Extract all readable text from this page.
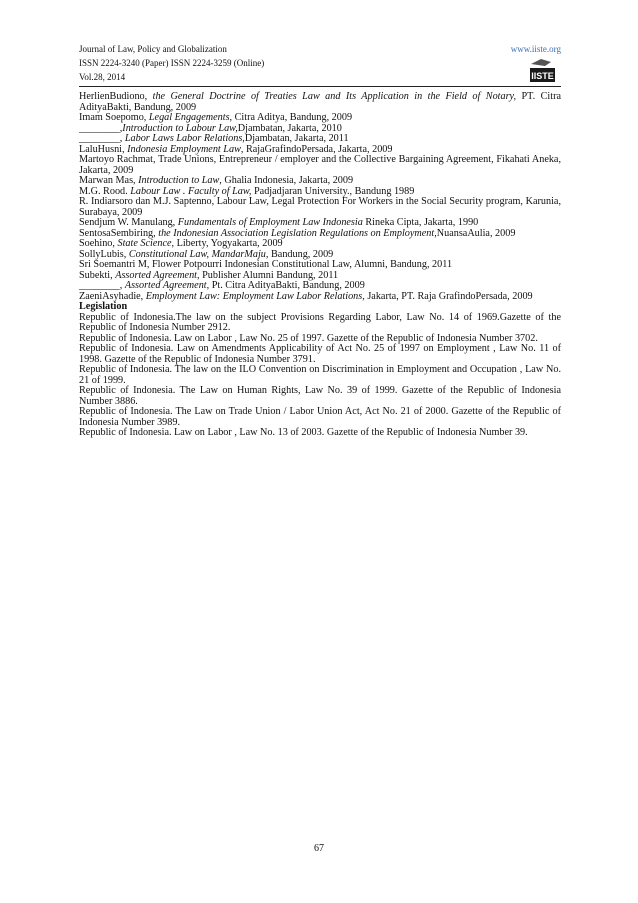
Journal of Law, Policy and Globalization
ISSN 2224-3240 (Paper) ISSN 2224-3259 (Online)
Vol.28, 2014
www.iiste.org
IISTE

HerlienBudiono, the General Doctrine of Treaties Law and Its Application in the Field of Notary, PT. Citra AdityaBakti, Bandung, 2009

Imam Soepomo, Legal Engagements, Citra Aditya, Bandung, 2009

________,Introduction to Labour Law,Djambatan, Jakarta, 2010

________, Labor Laws Labor Relations,Djambatan, Jakarta, 2011

LaluHusni, Indonesia Employment Law, RajaGrafindoPersada, Jakarta, 2009

Martoyo Rachmat, Trade Unions, Entrepreneur / employer and the Collective Bargaining Agreement, Fikahati Aneka, Jakarta, 2009

Marwan Mas, Introduction to Law, Ghalia Indonesia, Jakarta, 2009

M.G. Rood. Labour Law . Faculty of Law, Padjadjaran University., Bandung 1989

R. Indiarsoro dan M.J. Saptenno, Labour Law, Legal Protection For Workers in the Social Security program, Karunia, Surabaya, 2009

Sendjum W. Manulang, Fundamentals of Employment Law Indonesia Rineka Cipta, Jakarta, 1990

SentosaSembiring, the Indonesian Association Legislation Regulations on Employment,NuansaAulia, 2009

Soehino, State Science, Liberty, Yogyakarta, 2009

SollyLubis, Constitutional Law, MandarMaju, Bandung, 2009

Sri Soemantri M, Flower Potpourri Indonesian Constitutional Law, Alumni, Bandung, 2011

Subekti, Assorted Agreement, Publisher Alumni Bandung, 2011

________, Assorted Agreement, Pt. Citra AdityaBakti, Bandung, 2009

ZaeniAsyhadie, Employment Law: Employment Law Labor Relations, Jakarta, PT. Raja GrafindoPersada, 2009

Legislation

Republic of Indonesia.The law on the subject Provisions Regarding Labor, Law No. 14 of 1969.Gazette of the Republic of Indonesia Number 2912.

Republic of Indonesia. Law on Labor , Law No. 25 of 1997. Gazette of the Republic of Indonesia Number 3702.

Republic of Indonesia. Law on Amendments Applicability of Act No. 25 of 1997 on Employment , Law No. 11 of 1998. Gazette of the Republic of Indonesia Number 3791.

Republic of Indonesia. The law on the ILO Convention on Discrimination in Employment and Occupation , Law No. 21 of 1999.

Republic of Indonesia. The Law on Human Rights, Law No. 39 of 1999. Gazette of the Republic of Indonesia Number 3886.

Republic of Indonesia. The Law on Trade Union / Labor Union Act, Act No. 21 of 2000. Gazette of the Republic of Indonesia Number 3989.

Republic of Indonesia. Law on Labor , Law No. 13 of 2003. Gazette of the Republic of Indonesia Number 39.

67
